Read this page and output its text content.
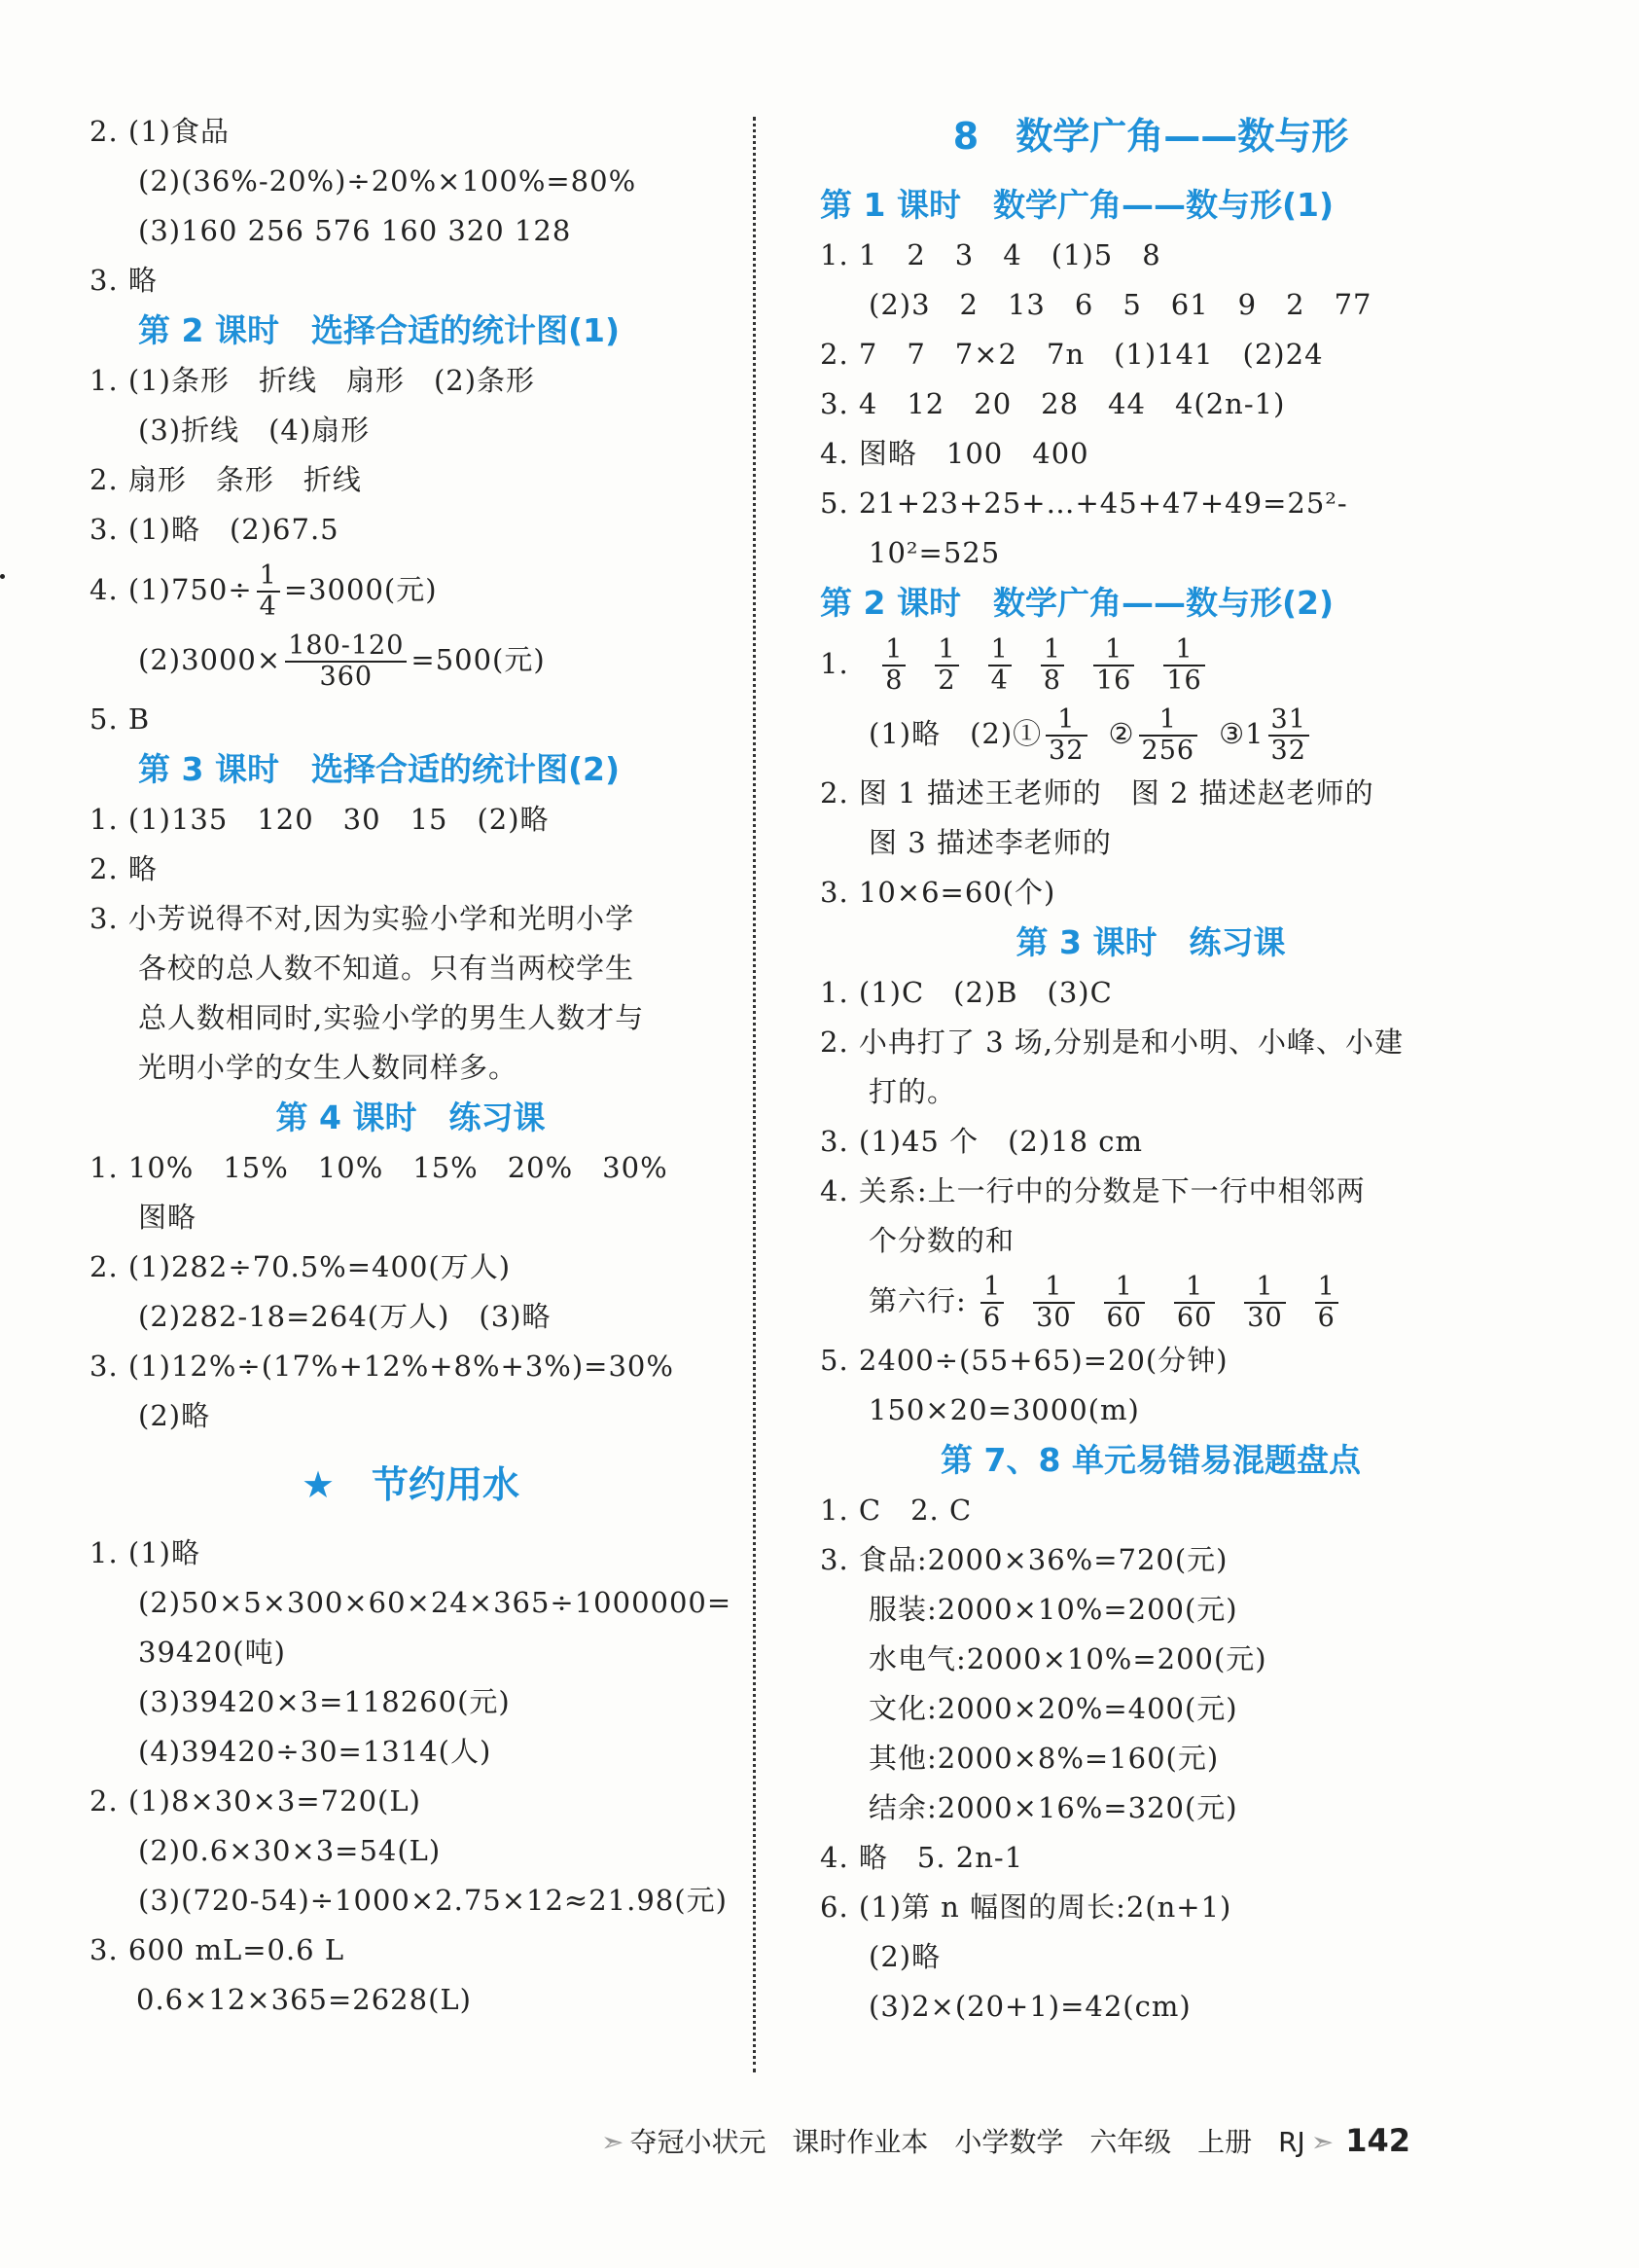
2. (1)食品
(2)(36%-20%)÷20%×100%=80%
(3)160 256 576 160 320 128
3. 略
第 2 课时　选择合适的统计图(1)
1. (1)条形　折线　扇形　(2)条形
(3)折线　(4)扇形
2. 扇形　条形　折线
3. (1)略　(2)67.5
4. $(1)750\div \frac{1}{4} =3000$(元)
$(2)3000\times \frac{180-120}{360} =500$(元)
5. B
第 3 课时　选择合适的统计图(2)
1. (1)135　120　30　15　(2)略
2. 略
3. 小芳说得不对,因为实验小学和光明小学
各校的总人数不知道。只有当两校学生
总人数相同时,实验小学的男生人数才与
光明小学的女生人数同样多。
第 4 课时　练习课
1. 10%　15%　10%　15%　20%　30%
图略
2. (1)282÷70.5%=400(万人)
(2)282-18=264(万人)　(3)略
3. (1)12%÷(17%+12%+8%+3%)=30%
(2)略
★　节约用水
1. (1)略
(2)50×5×300×60×24×365÷1000000=
39420(吨)
(3)39420×3=118260(元)
(4)39420÷30=1314(人)
2. (1)8×30×3=720(L)
(2)0.6×30×3=54(L)
(3)(720-54)÷1000×2.75×12≈21.98(元)
3. 600 mL=0.6 L
0.6×12×365=2628(L)
8　数学广角——数与形
第 1 课时　数学广角——数与形(1)
1. 1　2　3　4　(1)5　8
(2)3　2　13　6　5　61　9　2　77
2. 7　7　7×2　7n　(1)141　(2)24
3. 4　12　20　28　44　4(2n-1)
4. 图略　100　400
5. 21+23+25+…+45+47+49=25²-
10²=525
第 2 课时　数学广角——数与形(2)
1. $\frac{1}{8} \frac{1}{2} \frac{1}{4} \frac{1}{8} \frac{1}{16} \frac{1}{16}$
(1)略　(2)① $\frac{1}{32}$ ② $\frac{1}{256}$ ③1 $\frac{31}{32}$
2. 图 1 描述王老师的　图 2 描述赵老师的
图 3 描述李老师的
3. 10×6=60(个)
第 3 课时　练习课
1. (1)C　(2)B　(3)C
2. 小冉打了 3 场,分别是和小明、小峰、小建
打的。
3. (1)45 个　(2)18 cm
4. 关系:上一行中的分数是下一行中相邻两
个分数的和
第六行: $\frac{1}{6} \frac{1}{30} \frac{1}{60} \frac{1}{60} \frac{1}{30} \frac{1}{6}$
5. 2400÷(55+65)=20(分钟)
150×20=3000(m)
第 7、8 单元易错易混题盘点
1. C　2. C
3. 食品:2000×36%=720(元)
服装:2000×10%=200(元)
水电气:2000×10%=200(元)
文化:2000×20%=400(元)
其他:2000×8%=160(元)
结余:2000×16%=320(元)
4. 略　5. 2n-1
6. (1)第 n 幅图的周长:2(n+1)
(2)略
(3)2×(20+1)=42(cm)
➣ 夺冠小状元 课时作业本 小学数学 六年级 上册 RJ ➣ 142
